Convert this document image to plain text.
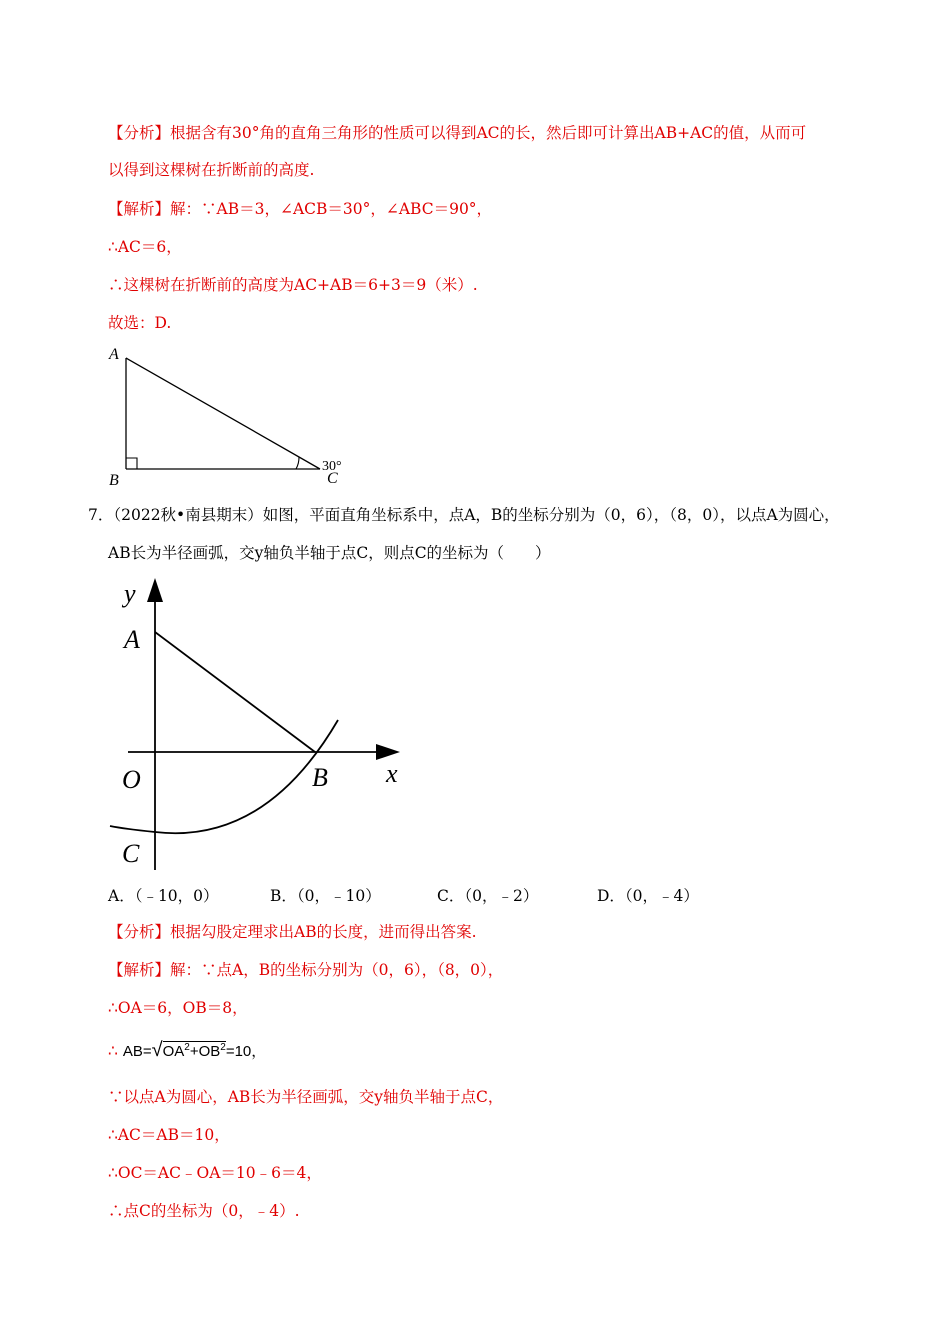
【分析】根据含有30°角的直角三角形的性质可以得到AC的长，然后即可计算出AB+AC的值，从而可
以得到这棵树在折断前的高度.
【解析】解：∵AB＝3，∠ACB＝30°，∠ABC＝90°，
∴AC＝6，
∴这棵树在折断前的高度为AC+AB＝6+3＝9（米）.
故选：D.
A
B	C
30°
7．（2022秋•南县期末）如图，平面直角坐标系中，点A，B的坐标分别为（0，6），（8，0），以点A为圆心，
AB长为半径画弧，交y轴负半轴于点C，则点C的坐标为（　　）
y
A
O	B x
C
A．（﹣10，0）	B．（0，﹣10）	C．（0，﹣2）	D．（0，﹣4）
【分析】根据勾股定理求出AB的长度，进而得出答案.
【解析】解：∵点A，B的坐标分别为（0，6），（8，0），
∴OA＝6，OB＝8，
∴ $AB=√OA^2+OB^2=10$，
∵以点A为圆心，AB长为半径画弧，交y轴负半轴于点C，
∴AC＝AB＝10，
∴OC＝AC﹣OA＝10﹣6＝4，
∴点C的坐标为（0，﹣4）.
